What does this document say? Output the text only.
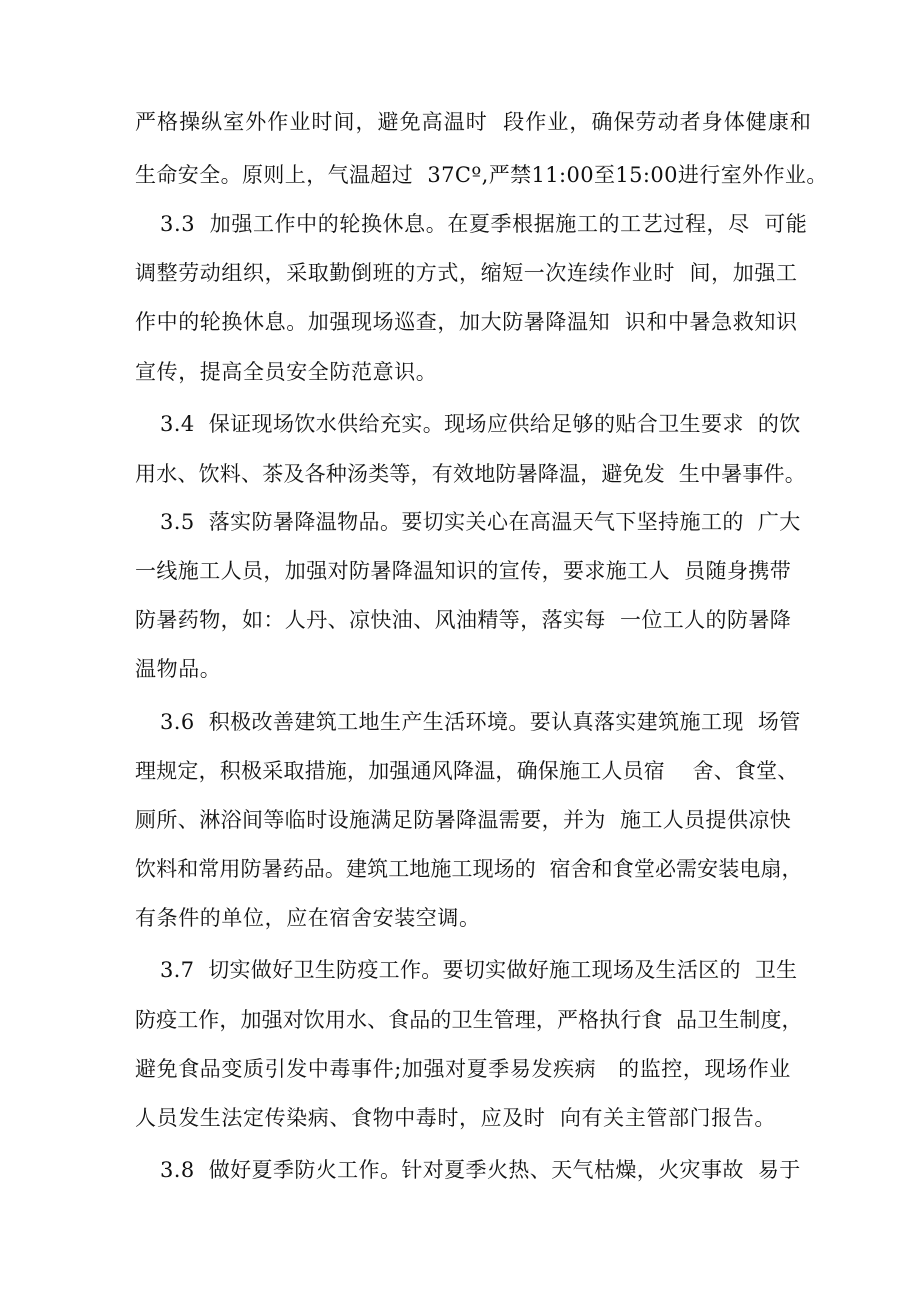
严格操纵室外作业时间，避免高温时  段作业，确保劳动者身体健康和
生命安全。原则上，气温超过  37Cº,严禁11:00至15:00进行室外作业。
3.3  加强工作中的轮换休息。在夏季根据施工的工艺过程，尽  可能
调整劳动组织，采取勤倒班的方式，缩短一次连续作业时  间，加强工
作中的轮换休息。加强现场巡查，加大防暑降温知  识和中暑急救知识
宣传，提高全员安全防范意识。
3.4  保证现场饮水供给充实。现场应供给足够的贴合卫生要求  的饮
用水、饮料、茶及各种汤类等，有效地防暑降温，避免发  生中暑事件。
3.5  落实防暑降温物品。要切实关心在高温天气下坚持施工的  广大
一线施工人员，加强对防暑降温知识的宣传，要求施工人  员随身携带
防暑药物，如：人丹、凉快油、风油精等，落实每  一位工人的防暑降
温物品。
3.6  积极改善建筑工地生产生活环境。要认真落实建筑施工现  场管
理规定，积极采取措施，加强通风降温，确保施工人员宿    舍、食堂、
厕所、淋浴间等临时设施满足防暑降温需要，并为  施工人员提供凉快
饮料和常用防暑药品。建筑工地施工现场的  宿舍和食堂必需安装电扇，
有条件的单位，应在宿舍安装空调。
3.7  切实做好卫生防疫工作。要切实做好施工现场及生活区的  卫生
防疫工作，加强对饮用水、食品的卫生管理，严格执行食  品卫生制度，
避免食品变质引发中毒事件;加强对夏季易发疾病   的监控，现场作业
人员发生法定传染病、食物中毒时，应及时  向有关主管部门报告。
3.8  做好夏季防火工作。针对夏季火热、天气枯燥，火灾事故  易于
